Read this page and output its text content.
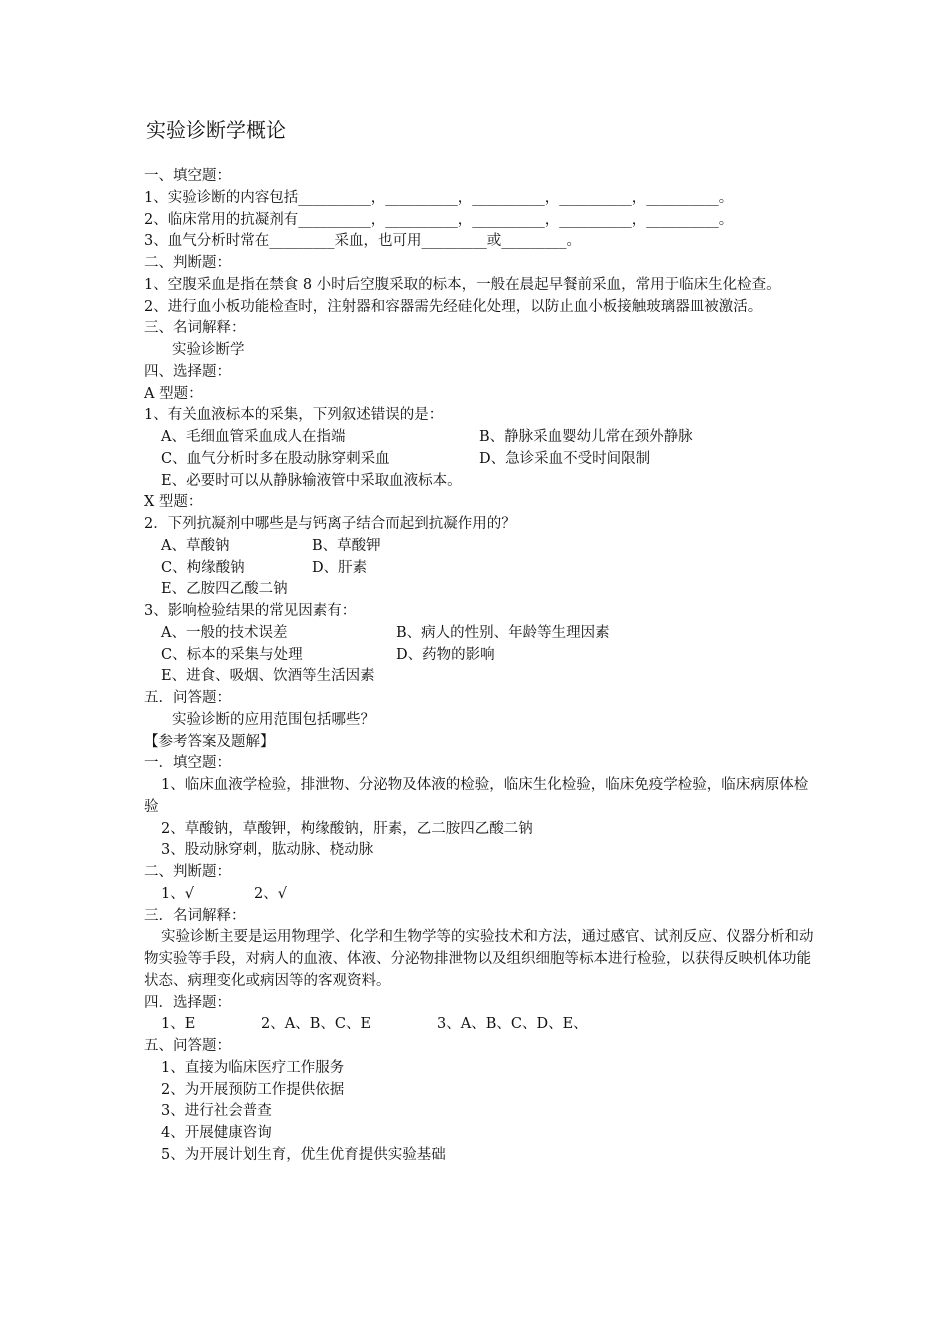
实验诊断学概论
一、填空题：
1、实验诊断的内容包括__________，__________，__________，__________，__________。
2、临床常用的抗凝剂有__________，__________，__________，__________，__________。
3、血气分析时常在_________采血，也可用_________或_________。
二、判断题：
1、空腹采血是指在禁食 8 小时后空腹采取的标本，一般在晨起早餐前采血，常用于临床生化检查。
2、进行血小板功能检查时，注射器和容器需先经硅化处理，以防止血小板接触玻璃器皿被激活。
三、名词解释：
实验诊断学
四、选择题：
A 型题：
1、有关血液标本的采集，下列叙述错误的是：
A、毛细血管采血成人在指端	B、静脉采血婴幼儿常在颈外静脉
C、血气分析时多在股动脉穿刺采血	D、急诊采血不受时间限制
E、必要时可以从静脉输液管中采取血液标本。
X 型题：
2．下列抗凝剂中哪些是与钙离子结合而起到抗凝作用的？
A、草酸钠	B、草酸钾
C、枸缘酸钠	D、肝素
E、乙胺四乙酸二钠
3、影响检验结果的常见因素有：
A、一般的技术误差	B、病人的性别、年龄等生理因素
C、标本的采集与处理	D、药物的影响
E、进食、吸烟、饮酒等生活因素
五．问答题：
实验诊断的应用范围包括哪些？
【参考答案及题解】
一．填空题：
1、临床血液学检验，排泄物、分泌物及体液的检验，临床生化检验，临床免疫学检验，临床病原体检验
2、草酸钠，草酸钾，枸缘酸钠，肝素，乙二胺四乙酸二钠
3、股动脉穿刺，肱动脉、桡动脉
二、判断题：
1、√	2、√
三．名词解释：
实验诊断主要是运用物理学、化学和生物学等的实验技术和方法，通过感官、试剂反应、仪器分析和动物实验等手段，对病人的血液、体液、分泌物排泄物以及组织细胞等标本进行检验，以获得反映机体功能状态、病理变化或病因等的客观资料。
四．选择题：
1、E	2、A、B、C、E	3、A、B、C、D、E、
五、问答题：
1、直接为临床医疗工作服务
2、为开展预防工作提供依据
3、进行社会普查
4、开展健康咨询
5、为开展计划生育，优生优育提供实验基础
